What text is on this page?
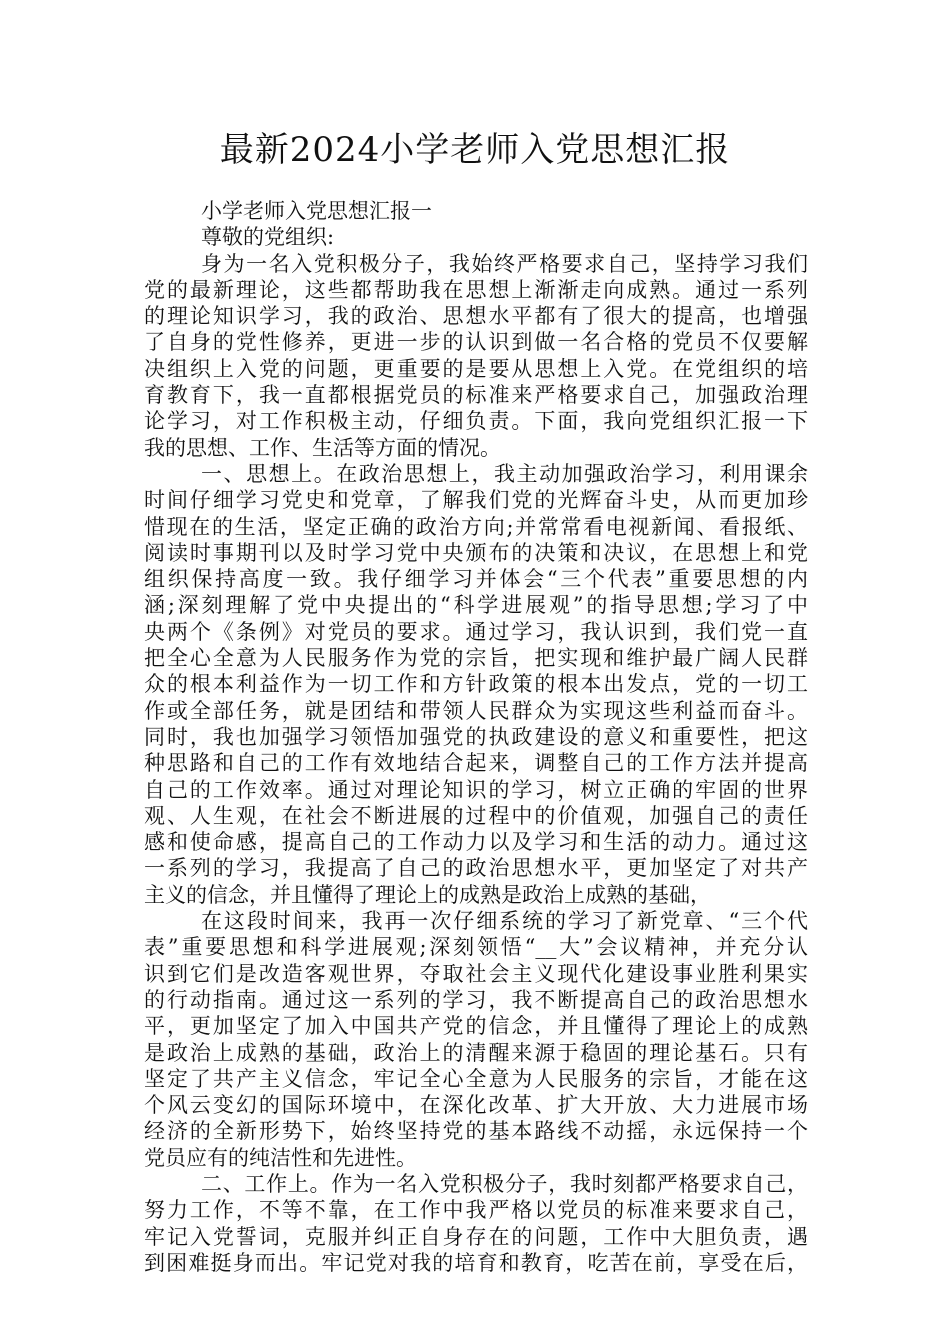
最新2024小学老师入党思想汇报
小学老师入党思想汇报一
尊敬的党组织:
身为一名入党积极分子，我始终严格要求自己，坚持学习我们
党的最新理论，这些都帮助我在思想上渐渐走向成熟。通过一系列
的理论知识学习，我的政治、思想水平都有了很大的提高，也增强
了自身的党性修养，更进一步的认识到做一名合格的党员不仅要解
决组织上入党的问题，更重要的是要从思想上入党。在党组织的培
育教育下，我一直都根据党员的标准来严格要求自己，加强政治理
论学习，对工作积极主动，仔细负责。下面，我向党组织汇报一下
我的思想、工作、生活等方面的情况。
一、思想上。在政治思想上，我主动加强政治学习，利用课余
时间仔细学习党史和党章，了解我们党的光辉奋斗史，从而更加珍
惜现在的生活，坚定正确的政治方向;并常常看电视新闻、看报纸、
阅读时事期刊以及时学习党中央颁布的决策和决议，在思想上和党
组织保持高度一致。我仔细学习并体会“三个代表”重要思想的内
涵;深刻理解了党中央提出的“科学进展观”的指导思想;学习了中
央两个《条例》对党员的要求。通过学习，我认识到，我们党一直
把全心全意为人民服务作为党的宗旨，把实现和维护最广阔人民群
众的根本利益作为一切工作和方针政策的根本出发点，党的一切工
作或全部任务，就是团结和带领人民群众为实现这些利益而奋斗。
同时，我也加强学习领悟加强党的执政建设的意义和重要性，把这
种思路和自己的工作有效地结合起来，调整自己的工作方法并提高
自己的工作效率。通过对理论知识的学习，树立正确的牢固的世界
观、人生观，在社会不断进展的过程中的价值观，加强自己的责任
感和使命感，提高自己的工作动力以及学习和生活的动力。通过这
一系列的学习，我提高了自己的政治思想水平，更加坚定了对共产
主义的信念，并且懂得了理论上的成熟是政治上成熟的基础，
在这段时间来，我再一次仔细系统的学习了新党章、“三个代
表”重要思想和科学进展观;深刻领悟“__大”会议精神，并充分认
识到它们是改造客观世界，夺取社会主义现代化建设事业胜利果实
的行动指南。通过这一系列的学习，我不断提高自己的政治思想水
平，更加坚定了加入中国共产党的信念，并且懂得了理论上的成熟
是政治上成熟的基础，政治上的清醒来源于稳固的理论基石。只有
坚定了共产主义信念，牢记全心全意为人民服务的宗旨，才能在这
个风云变幻的国际环境中，在深化改革、扩大开放、大力进展市场
经济的全新形势下，始终坚持党的基本路线不动摇，永远保持一个
党员应有的纯洁性和先进性。
二、工作上。作为一名入党积极分子，我时刻都严格要求自己，
努力工作，不等不靠，在工作中我严格以党员的标准来要求自己，
牢记入党誓词，克服并纠正自身存在的问题，工作中大胆负责，遇
到困难挺身而出。牢记党对我的培育和教育，吃苦在前，享受在后，
